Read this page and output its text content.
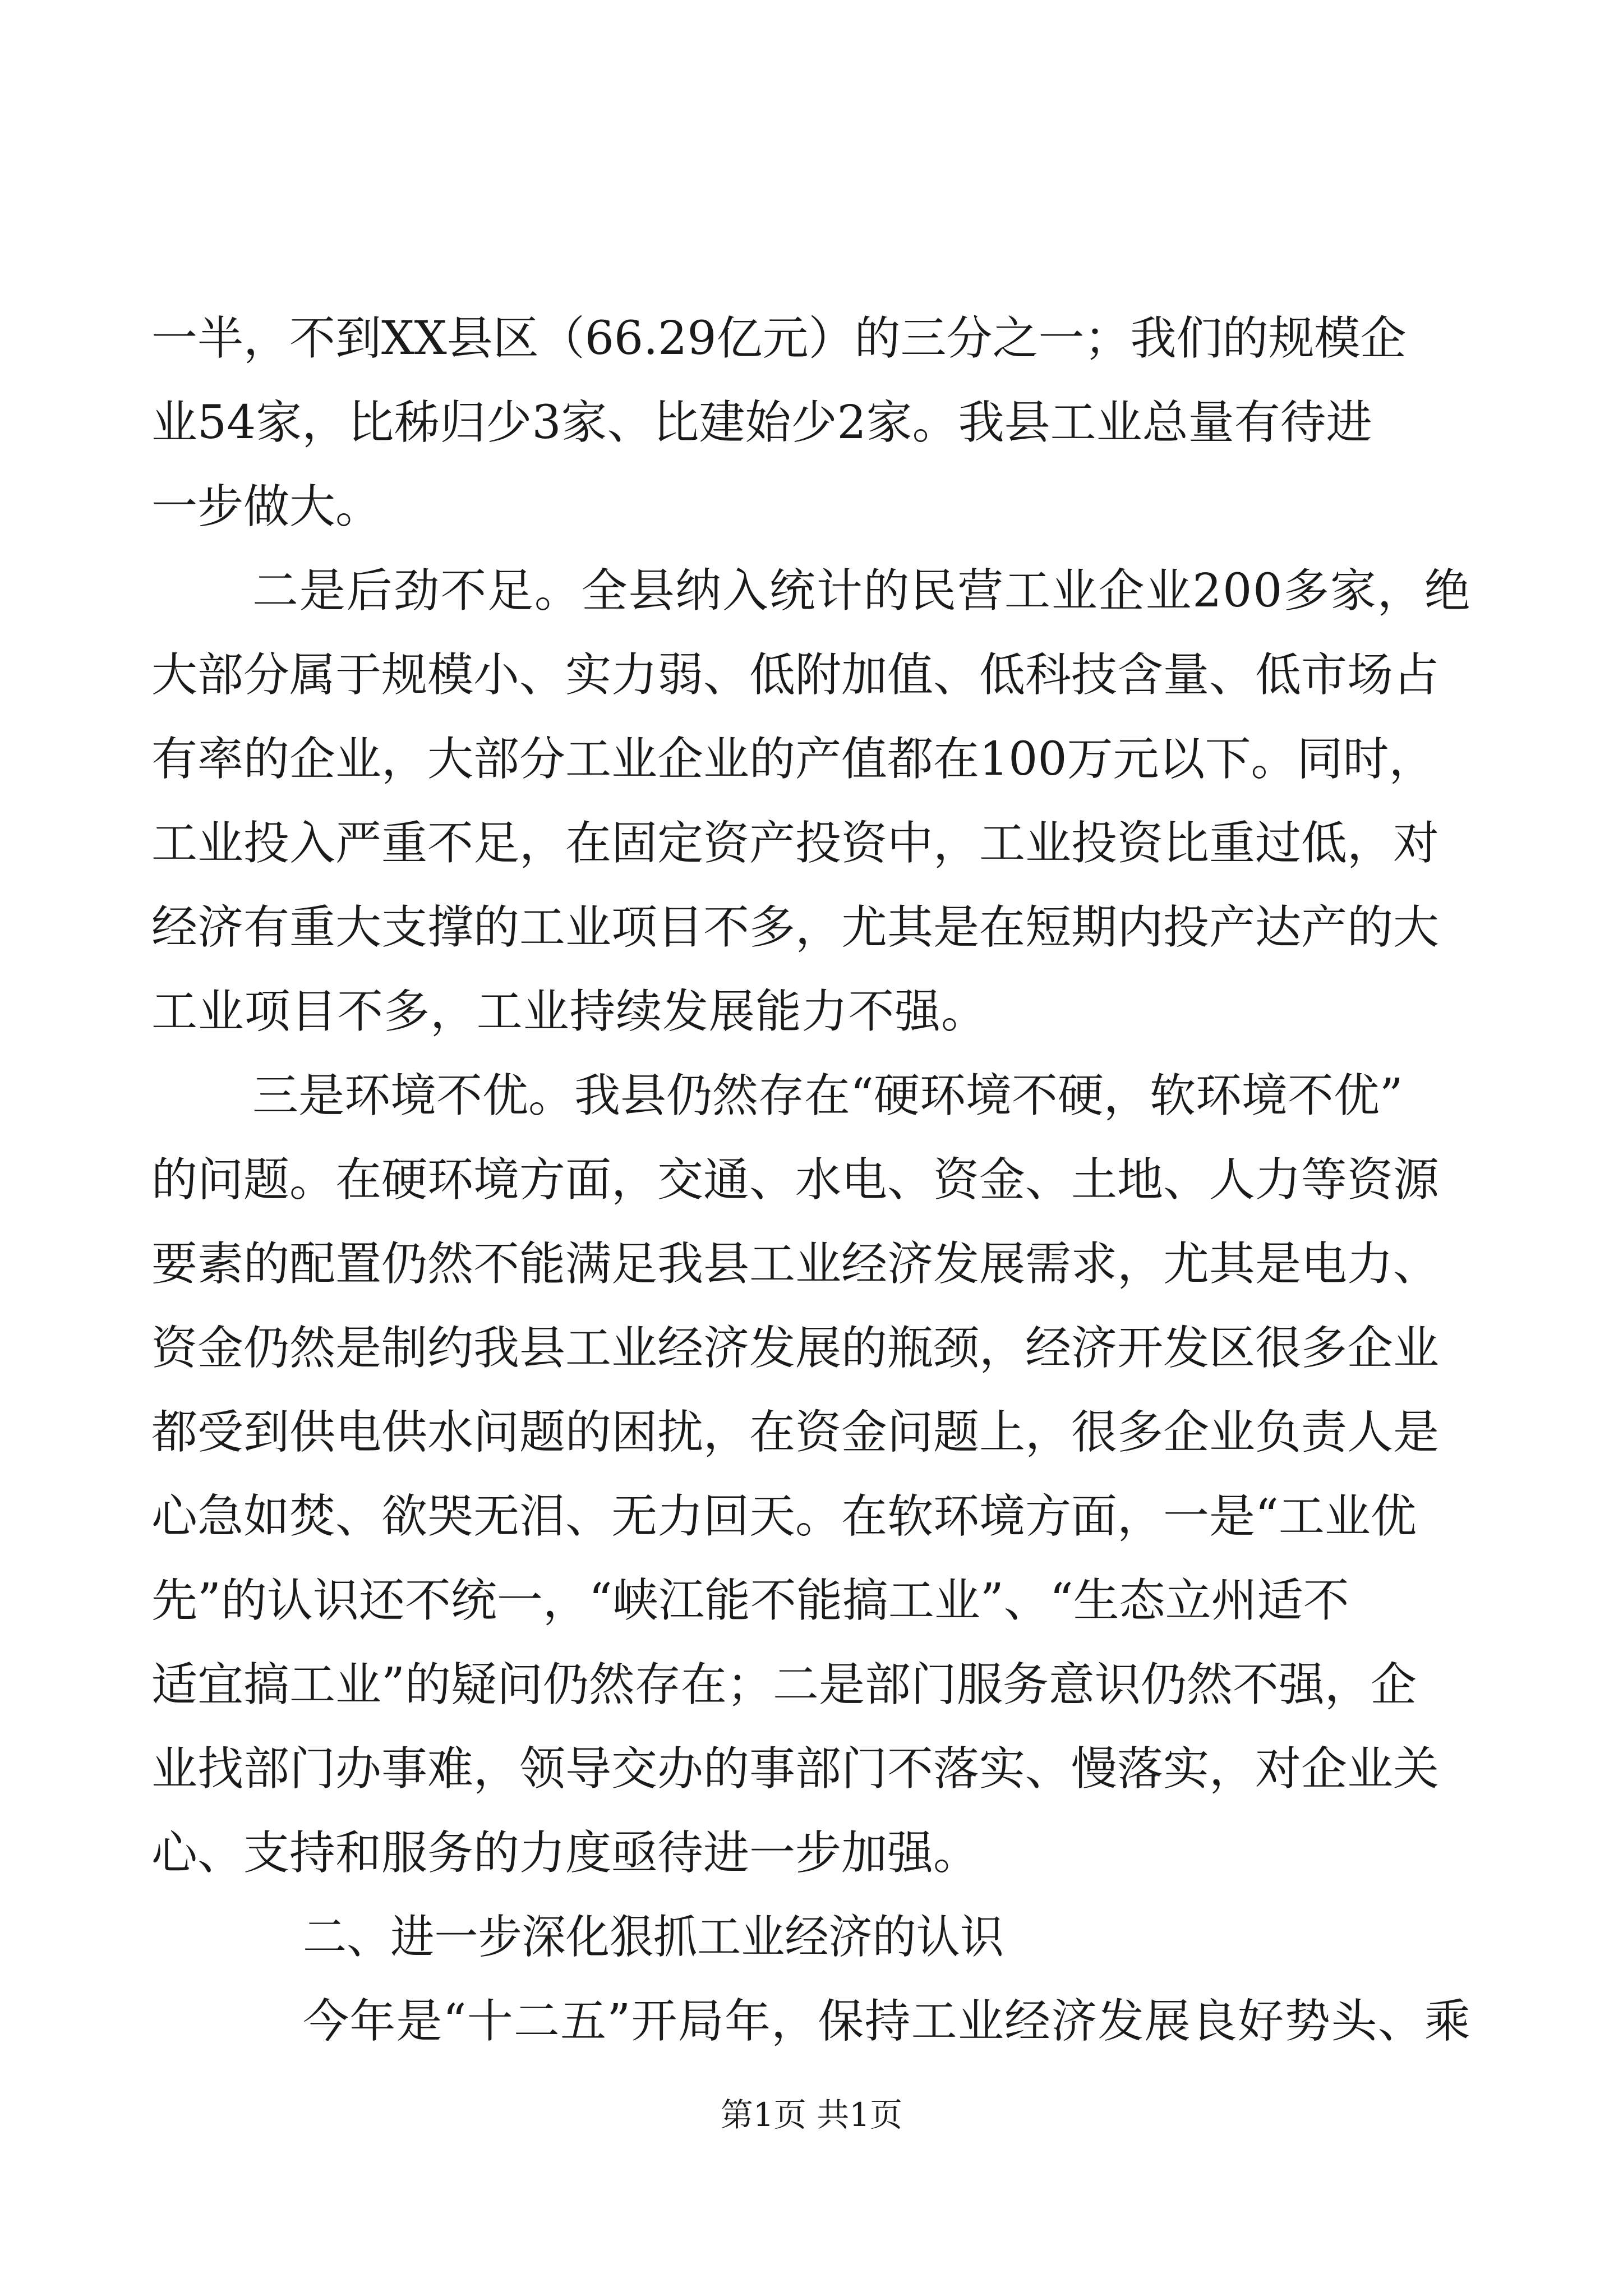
一半，不到XX县区（66.29亿元）的三分之一；我们的规模企
业54家，比秭归少3家、比建始少2家。我县工业总量有待进
一步做大。
二是后劲不足。全县纳入统计的民营工业企业200多家，绝
大部分属于规模小、实力弱、低附加值、低科技含量、低市场占
有率的企业，大部分工业企业的产值都在100万元以下。同时，
工业投入严重不足，在固定资产投资中，工业投资比重过低，对
经济有重大支撑的工业项目不多，尤其是在短期内投产达产的大
工业项目不多，工业持续发展能力不强。
三是环境不优。我县仍然存在“硬环境不硬，软环境不优”
的问题。在硬环境方面，交通、水电、资金、土地、人力等资源
要素的配置仍然不能满足我县工业经济发展需求，尤其是电力、
资金仍然是制约我县工业经济发展的瓶颈，经济开发区很多企业
都受到供电供水问题的困扰，在资金问题上，很多企业负责人是
心急如焚、欲哭无泪、无力回天。在软环境方面，一是“工业优
先”的认识还不统一，“峡江能不能搞工业”、“生态立州适不
适宜搞工业”的疑问仍然存在；二是部门服务意识仍然不强，企
业找部门办事难，领导交办的事部门不落实、慢落实，对企业关
心、支持和服务的力度亟待进一步加强。
二、进一步深化狠抓工业经济的认识
今年是“十二五”开局年，保持工业经济发展良好势头、乘
第1页 共1页
